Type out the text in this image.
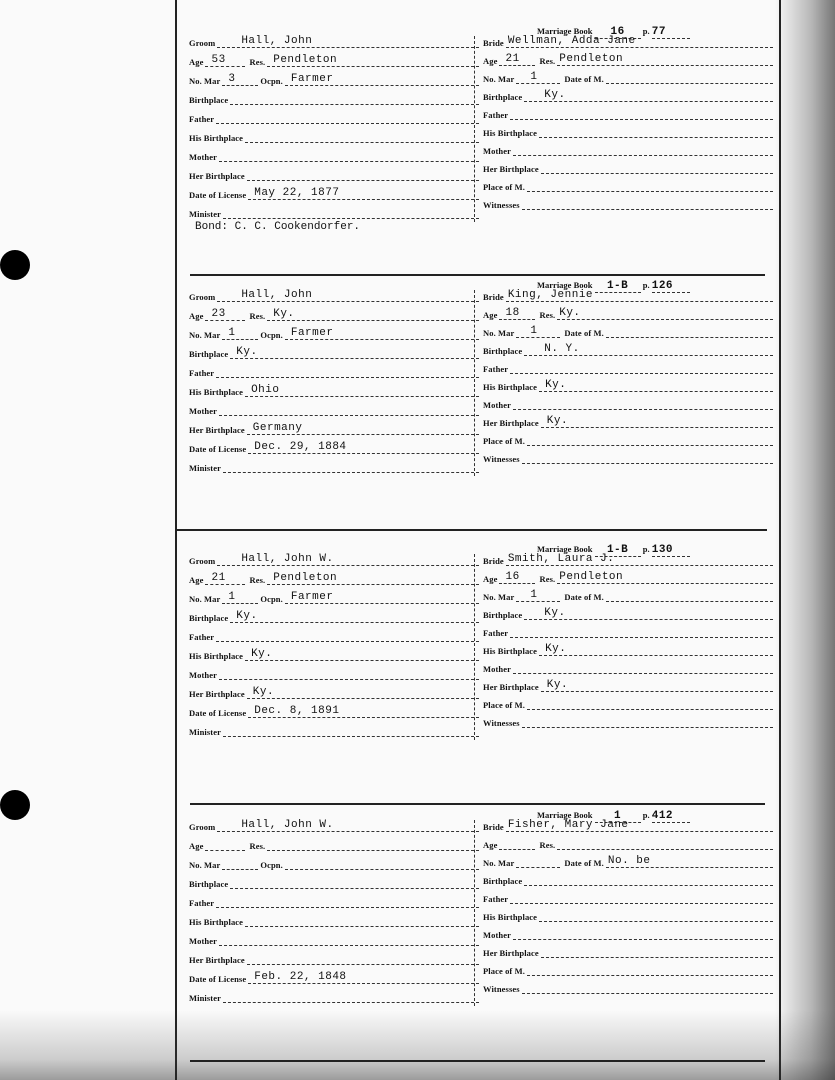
Groom Hall, John
Age 53	Res. Pendleton
No. Mar 3	Ocpn. Farmer
Birthplace
Father
His Birthplace
Mother
Her Birthplace
Date of License May 22, 1877
Minister
Marriage Book 16 p. 77
Bride Wellman, Adda Jane
Age 21 Res. Pendleton
No. Mar 1	Date of M.
Birthplace Ky.
Father
His Birthplace
Mother
Her Birthplace
Place of M.
Witnesses
Bond: C. C. Cookendorfer.
Groom Hall, John
Age 23	Res. Ky.
No. Mar 1	Ocpn. Farmer
Birthplace Ky.
Father
His Birthplace Ohio
Mother
Her Birthplace Germany
Date of License Dec. 29, 1884
Minister
Marriage Book 1-B p. 126
Bride King, Jennie
Age 18 Res. Ky.
No. Mar 1	Date of M.
Birthplace N. Y.
Father
His Birthplace Ky.
Mother
Her Birthplace Ky.
Place of M.
Witnesses
Groom Hall, John W.
Age 21	Res. Pendleton
No. Mar 1	Ocpn. Farmer
Birthplace Ky.
Father
His Birthplace Ky.
Mother
Her Birthplace Ky.
Date of License Dec. 8, 1891
Minister
Marriage Book 1-B p. 130
Bride Smith, Laura J.
Age 16 Res. Pendleton
No. Mar 1	Date of M.
Birthplace Ky.
Father
His Birthplace Ky.
Mother
Her Birthplace Ky.
Place of M.
Witnesses
Groom Hall, John W.
Age	Res.
No. Mar	Ocpn.
Birthplace
Father
His Birthplace
Mother
Her Birthplace
Date of License Feb. 22, 1848
Minister
Marriage Book 1	p. 412
Bride Fisher, Mary Jane
Age	Res.
No. Mar	Date of M. No. be
Birthplace
Father
His Birthplace
Mother
Her Birthplace
Place of M.
Witnesses
